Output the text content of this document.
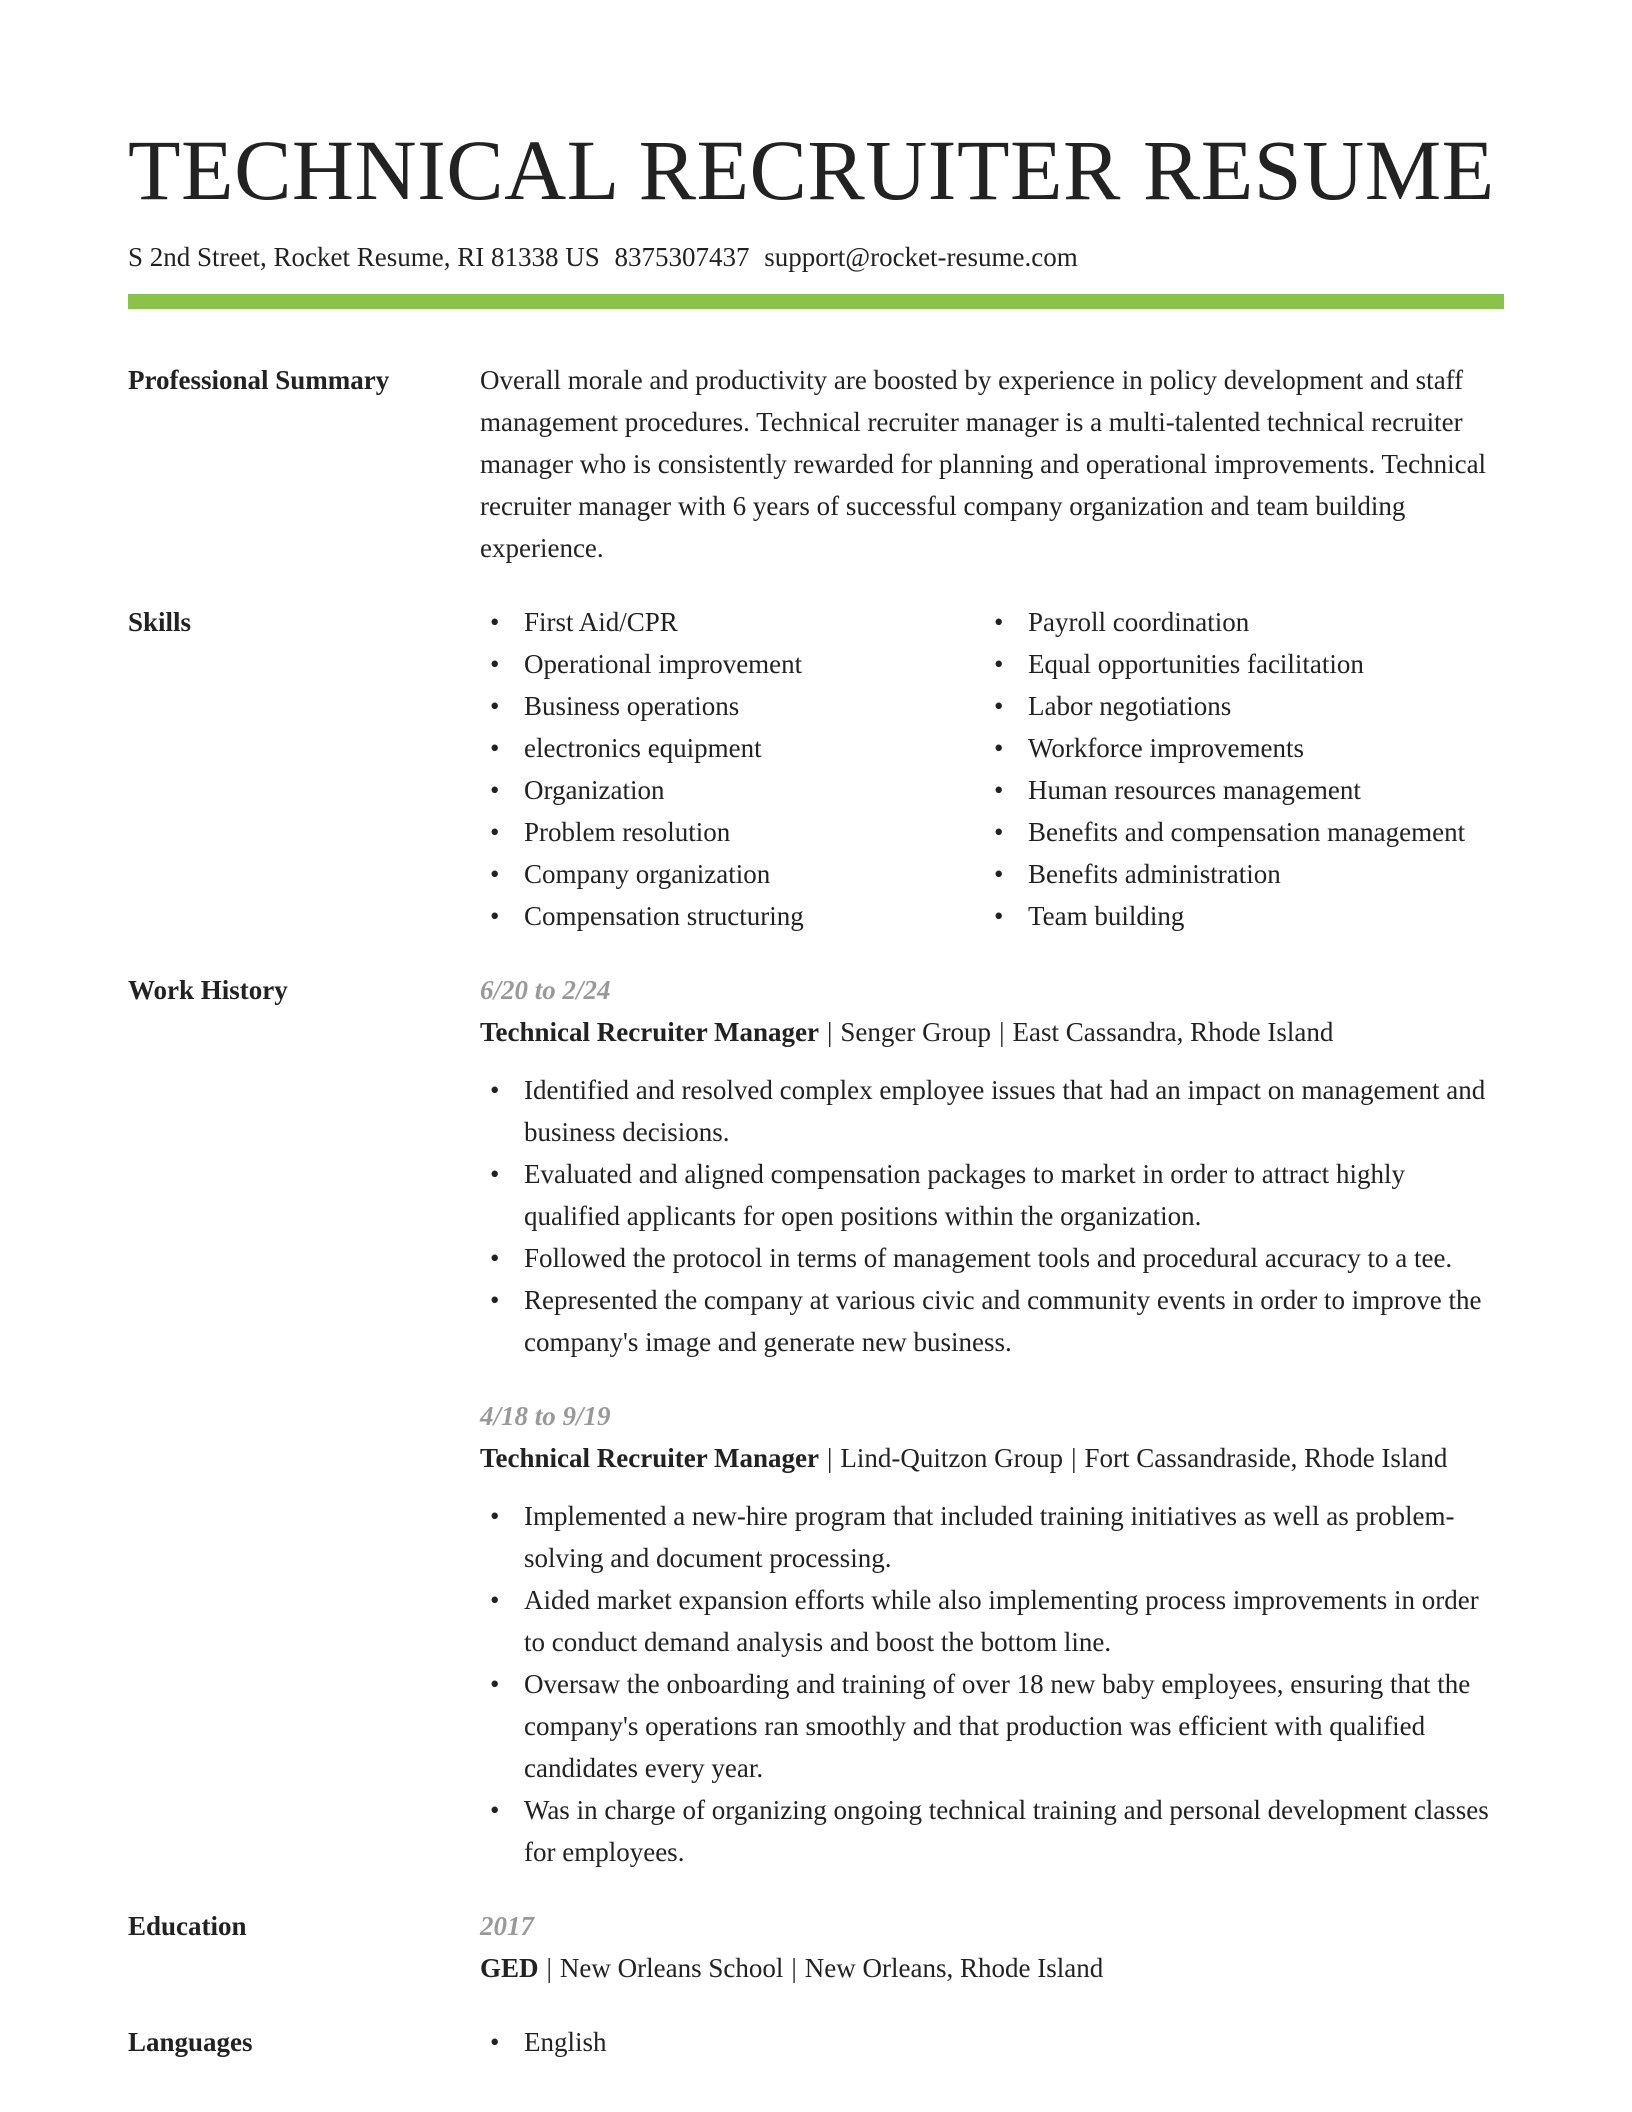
TECHNICAL RECRUITER RESUME
S 2nd Street, Rocket Resume, RI 81338 US 8375307437 support@rocket-resume.com
Professional Summary	Overall morale and productivity are boosted by experience in policy development and staff management procedures. Technical recruiter manager is a multi-talented technical recruiter manager who is consistently rewarded for planning and operational improvements. Technical recruiter manager with 6 years of successful company organization and team building experience.

Skills	• First Aid/CPR
• Operational improvement
• Business operations
• electronics equipment
• Organization
• Problem resolution
• Company organization
• Compensation structuring
• Payroll coordination
• Equal opportunities facilitation
• Labor negotiations
• Workforce improvements
• Human resources management
• Benefits and compensation management
• Benefits administration
• Team building
Work History	6/20 to 2/24
Technical Recruiter Manager | Senger Group | East Cassandra, Rhode Island
• Identified and resolved complex employee issues that had an impact on management and business decisions.
• Evaluated and aligned compensation packages to market in order to attract highly qualified applicants for open positions within the organization.
• Followed the protocol in terms of management tools and procedural accuracy to a tee.
• Represented the company at various civic and community events in order to improve the company's image and generate new business.
4/18 to 9/19
Technical Recruiter Manager | Lind-Quitzon Group | Fort Cassandraside, Rhode Island
• Implemented a new-hire program that included training initiatives as well as problem-solving and document processing.
• Aided market expansion efforts while also implementing process improvements in order to conduct demand analysis and boost the bottom line.
• Oversaw the onboarding and training of over 18 new baby employees, ensuring that the company's operations ran smoothly and that production was efficient with qualified candidates every year.
• Was in charge of organizing ongoing technical training and personal development classes for employees.
Education	2017
GED | New Orleans School | New Orleans, Rhode Island
Languages	• English
